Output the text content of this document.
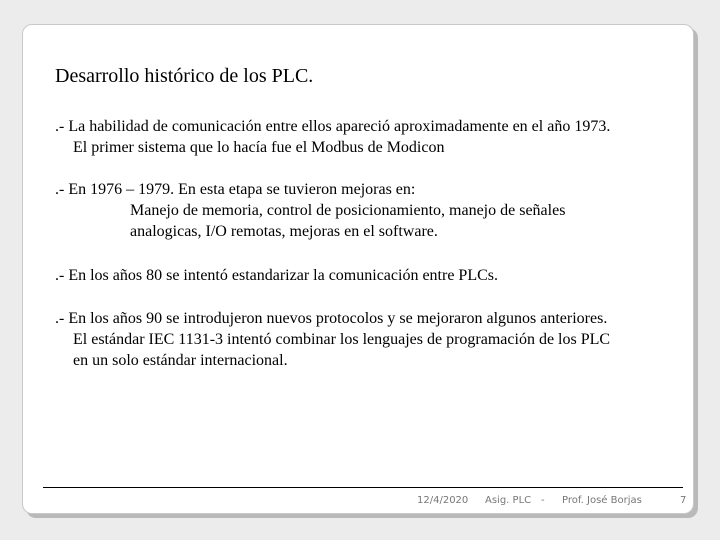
Desarrollo histórico de los PLC.
.- La habilidad de comunicación entre ellos apareció aproximadamente en el año 1973.
El primer sistema que lo hacía fue el Modbus de Modicon
.- En 1976 – 1979. En esta etapa se tuvieron mejoras en:
Manejo de memoria, control de posicionamiento, manejo de señales
analogicas, I/O remotas, mejoras en el software.
.- En los años 80 se intentó estandarizar la comunicación entre PLCs.
.- En los años 90 se introdujeron nuevos protocolos y se mejoraron algunos anteriores.
El estándar IEC 1131-3 intentó combinar los lenguajes de programación de los PLC
en un solo estándar internacional.
12/4/2020 Asig. PLC - Prof. José Borjas	7
